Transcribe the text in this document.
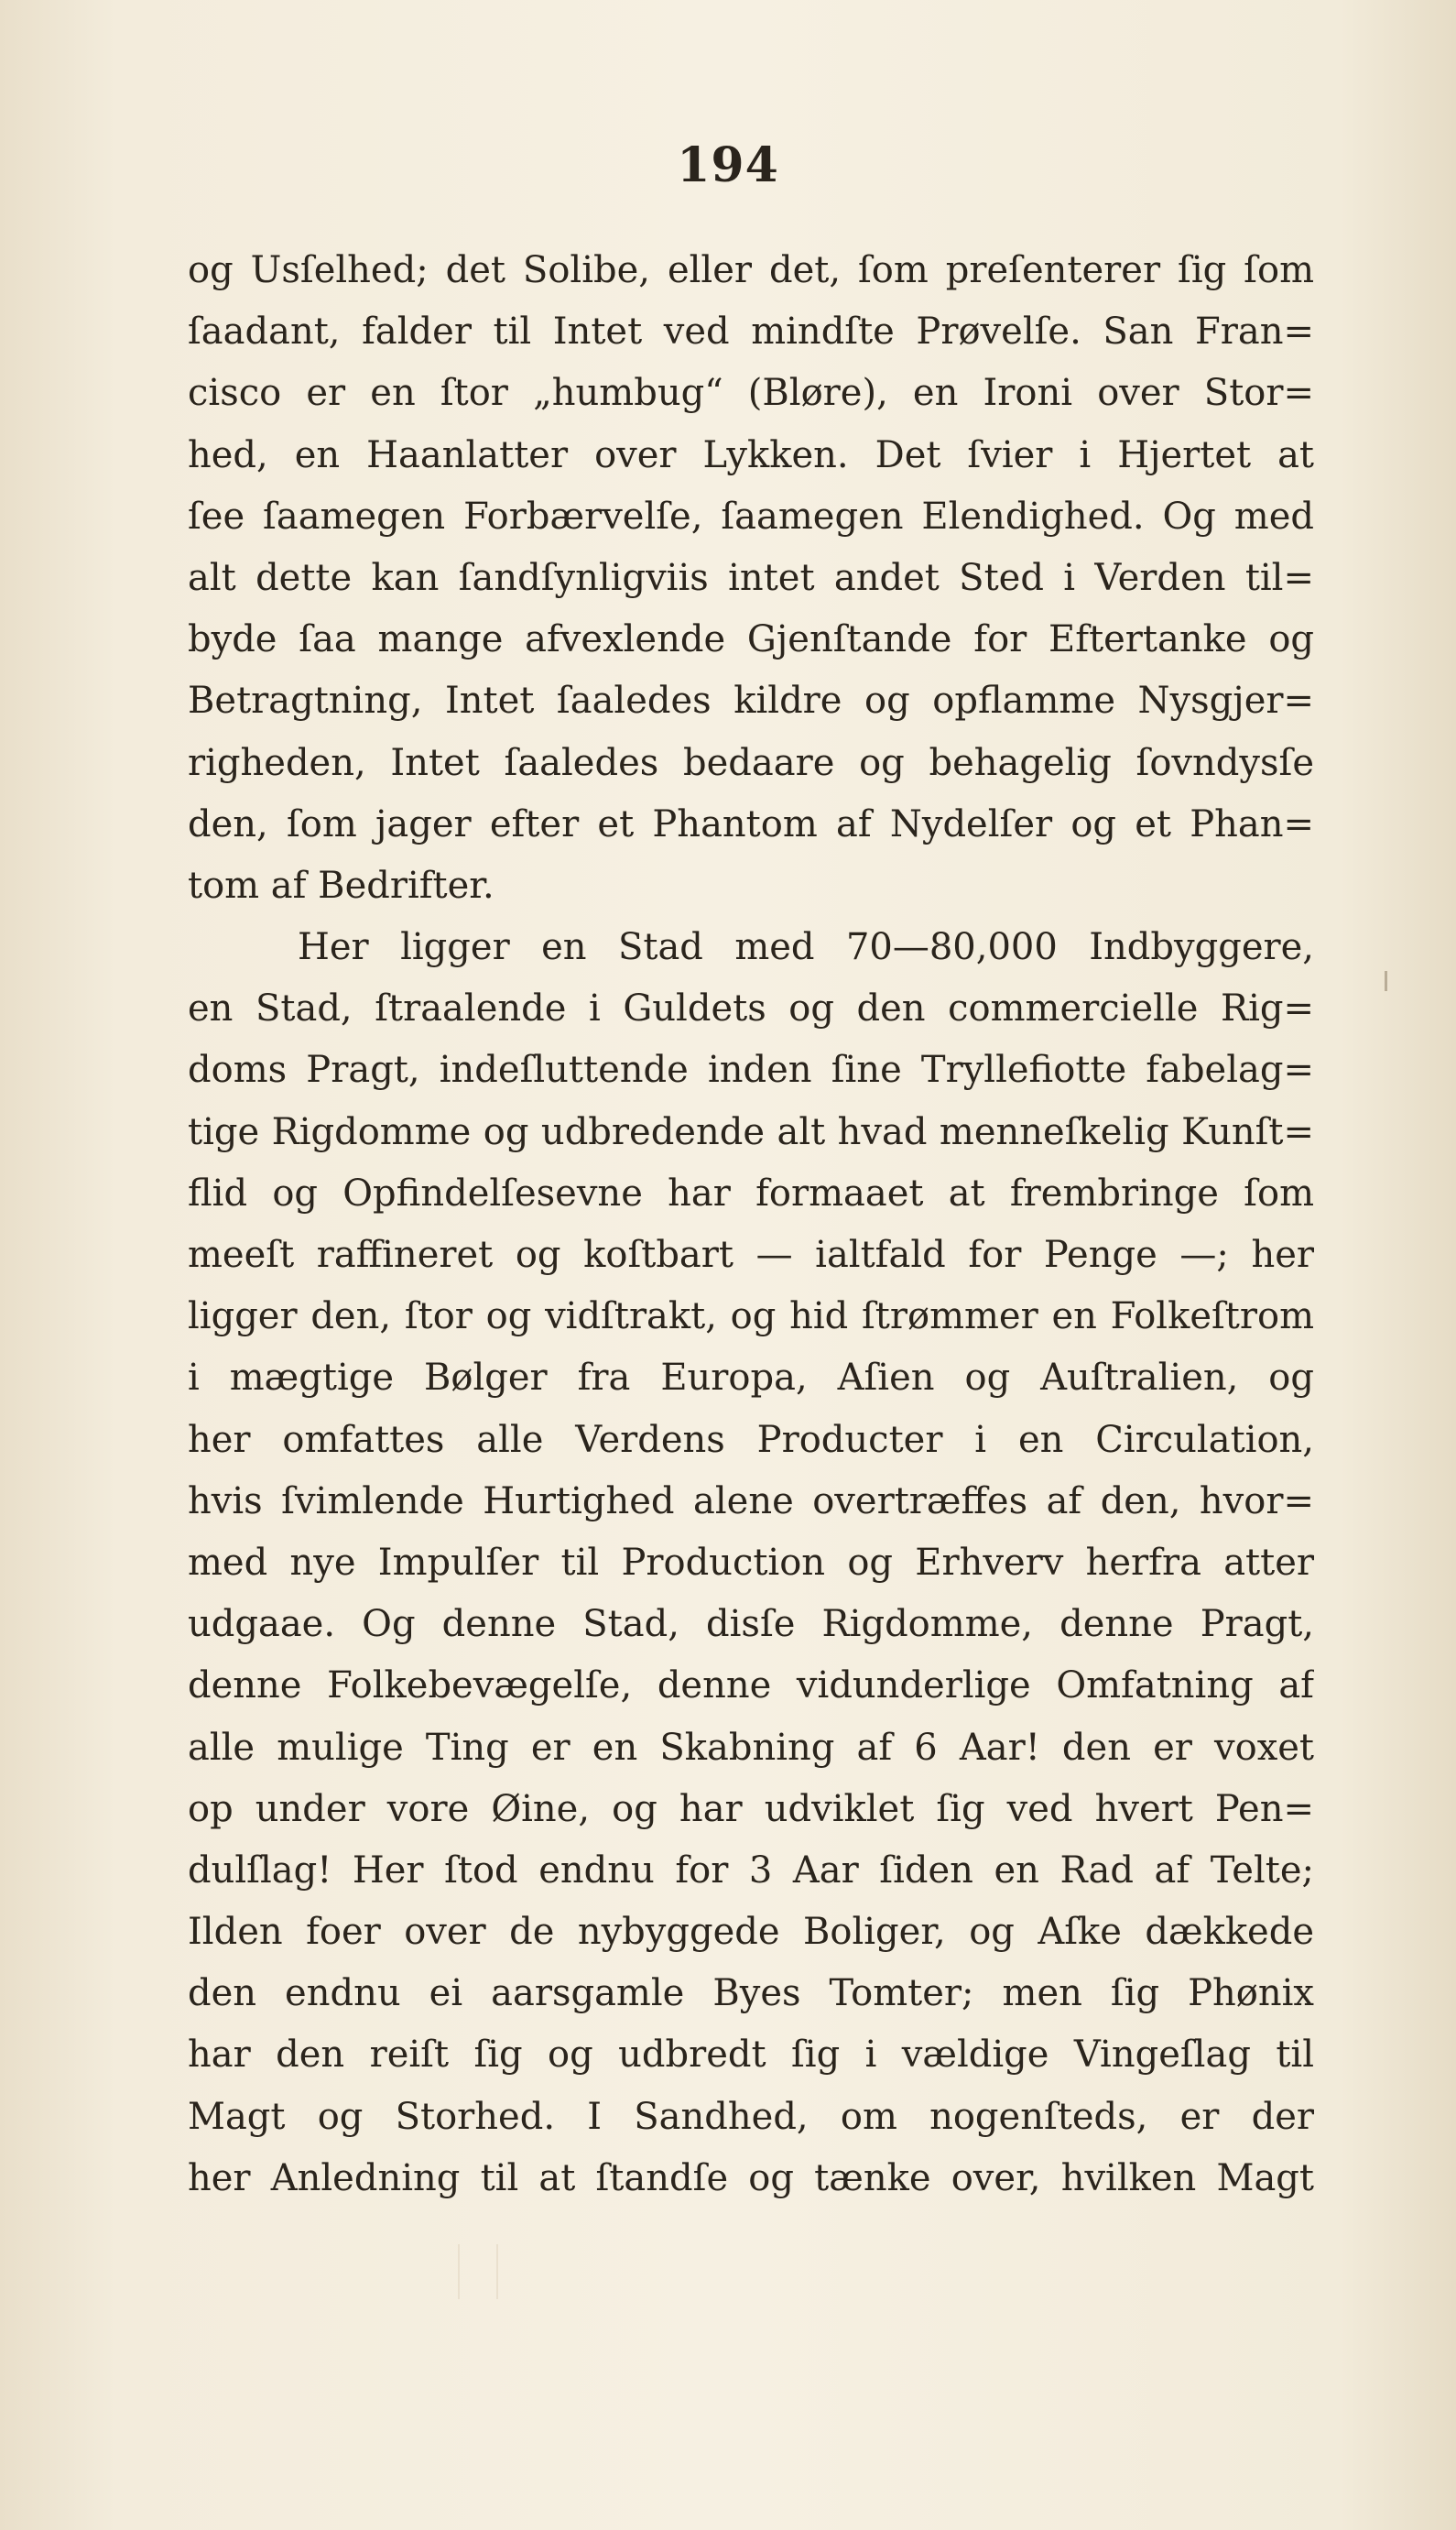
194
og Usſelhed; det Solibe, eller det, ſom preſenterer ſig ſom
ſaadant, falder til Intet ved mindſte Prøvelſe. San Fran=
cisco er en ſtor „humbug“ (Bløre), en Ironi over Stor=
hed, en Haanlatter over Lykken. Det ſvier i Hjertet at
ſee ſaamegen Forbærvelſe, ſaamegen Elendighed. Og med
alt dette kan ſandſynligviis intet andet Sted i Verden til=
byde ſaa mange afvexlende Gjenſtande for Eftertanke og
Betragtning, Intet ſaaledes kildre og opflamme Nysgjer=
righeden, Intet ſaaledes bedaare og behagelig ſovndysſe
den, ſom jager efter et Phantom af Nydelſer og et Phan=
tom af Bedrifter.
Her ligger en Stad med 70—80,000 Indbyggere,
en Stad, ſtraalende i Guldets og den commercielle Rig=
doms Pragt, indeſluttende inden ſine Tryllefiotte fabelag=
tige Rigdomme og udbredende alt hvad menneſkelig Kunſt=
flid og Opfindelſesevne har formaaet at frembringe ſom
meeſt raffineret og koſtbart — ialtfald for Penge —; her
ligger den, ſtor og vidſtrakt, og hid ſtrømmer en Folkeſtrom
i mægtige Bølger fra Europa, Aſien og Auſtralien, og
her omfattes alle Verdens Producter i en Circulation,
hvis ſvimlende Hurtighed alene overtræffes af den, hvor=
med nye Impulſer til Production og Erhverv herfra atter
udgaae. Og denne Stad, disſe Rigdomme, denne Pragt,
denne Folkebevægelſe, denne vidunderlige Omfatning af
alle mulige Ting er en Skabning af 6 Aar! den er voxet
op under vore Øine, og har udviklet ſig ved hvert Pen=
dulſlag! Her ſtod endnu for 3 Aar ſiden en Rad af Telte;
Ilden foer over de nybyggede Boliger, og Aſke dækkede
den endnu ei aarsgamle Byes Tomter; men ſig Phønix
har den reiſt ſig og udbredt ſig i vældige Vingeſlag til
Magt og Storhed. I Sandhed, om nogenſteds, er der
her Anledning til at ſtandſe og tænke over, hvilken Magt
